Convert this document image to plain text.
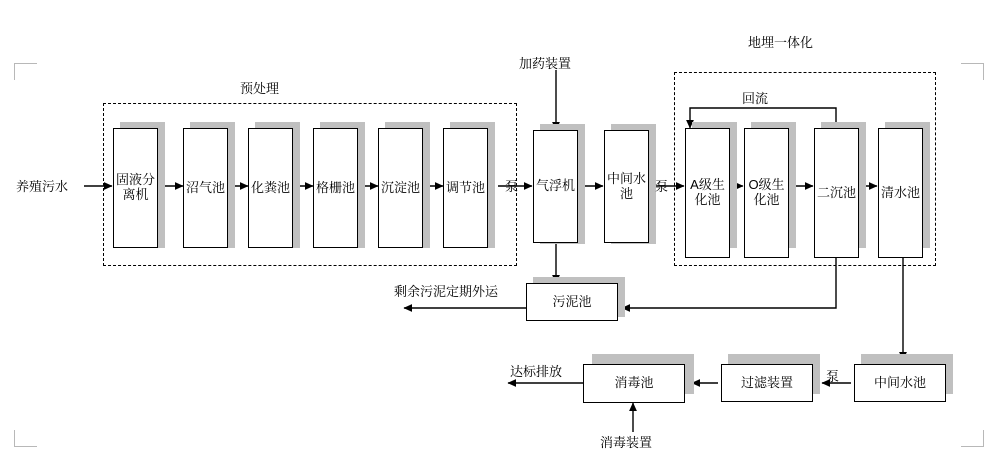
预处理
地埋一体化
养殖污水
加药装置
回流
剩余污泥定期外运
达标排放
消毒装置
泵	泵
泵
固液分离机	沼气池 化粪池 格栅池 沉淀池 调节池	气浮机 中间水池
A级生化池
O级生化池	二沉池 清水池
污泥池
中间水池
过滤装置
消毒池
